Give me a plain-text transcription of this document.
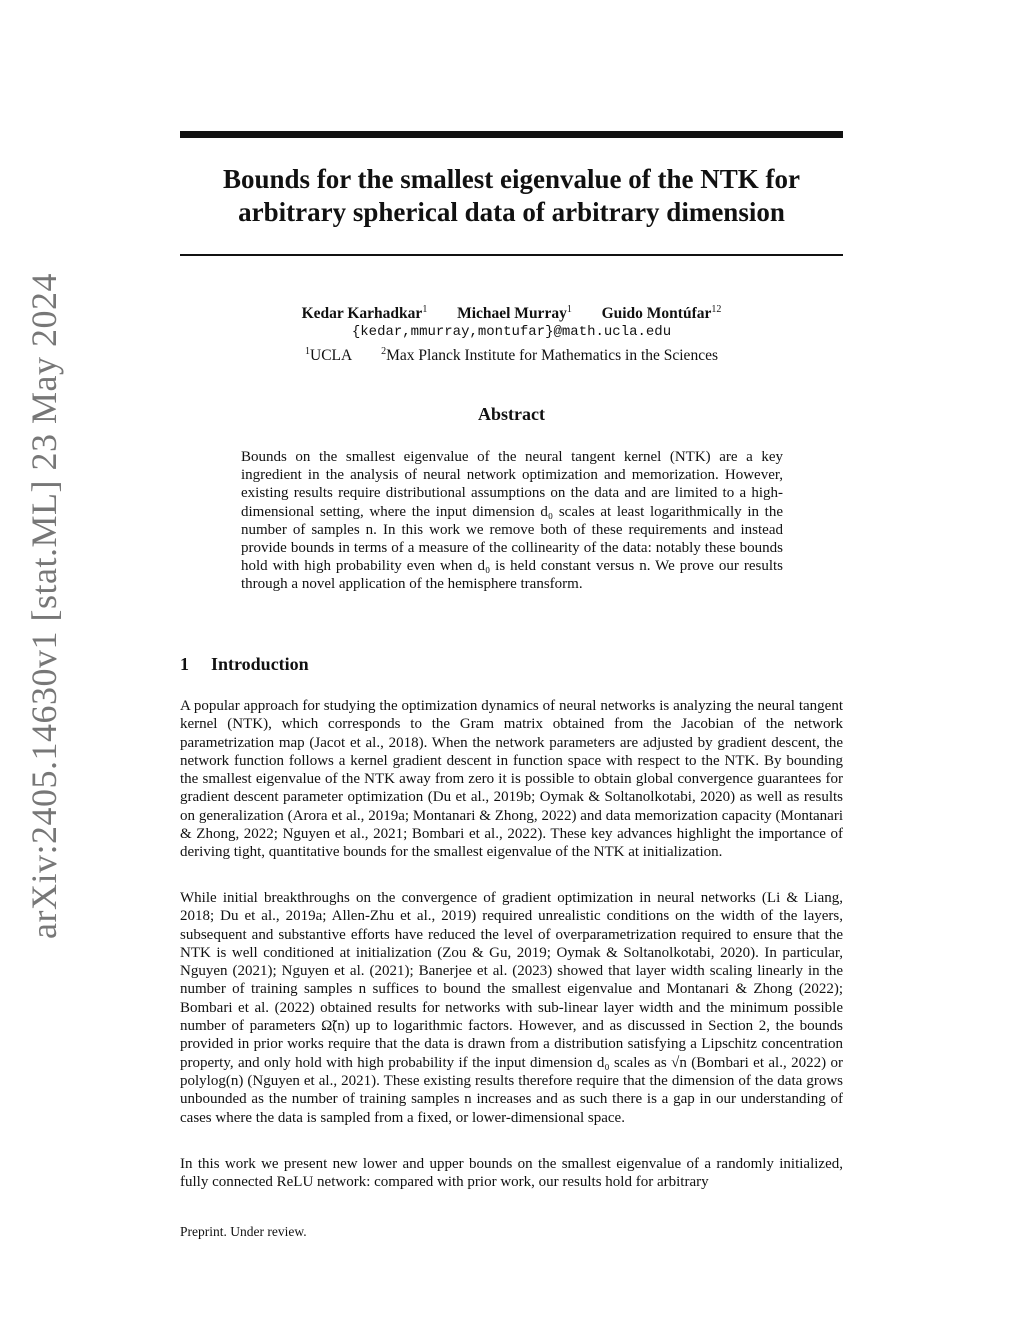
arXiv:2405.14630v1 [stat.ML] 23 May 2024
Bounds for the smallest eigenvalue of the NTK for
arbitrary spherical data of arbitrary dimension
Kedar Karhadkar$^1$ Michael Murray$^1$ Guido Montúfar$^{12}$
{kedar,mmurray,montufar}@math.ucla.edu
$^1$UCLA	$^2$Max Planck Institute for Mathematics in the Sciences
Abstract
Bounds on the smallest eigenvalue of the neural tangent kernel (NTK) are a key ingredient in the analysis of neural network optimization and memorization. However, existing results require distributional assumptions on the data and are limited to a high-dimensional setting, where the input dimension d₀ scales at least logarithmically in the number of samples n. In this work we remove both of these requirements and instead provide bounds in terms of a measure of the collinearity of the data: notably these bounds hold with high probability even when d₀ is held constant versus n. We prove our results through a novel application of the hemisphere transform.
1 Introduction
A popular approach for studying the optimization dynamics of neural networks is analyzing the neural tangent kernel (NTK), which corresponds to the Gram matrix obtained from the Jacobian of the network parametrization map (Jacot et al., 2018). When the network parameters are adjusted by gradient descent, the network function follows a kernel gradient descent in function space with respect to the NTK. By bounding the smallest eigenvalue of the NTK away from zero it is possible to obtain global convergence guarantees for gradient descent parameter optimization (Du et al., 2019b; Oymak & Soltanolkotabi, 2020) as well as results on generalization (Arora et al., 2019a; Montanari & Zhong, 2022) and data memorization capacity (Montanari & Zhong, 2022; Nguyen et al., 2021; Bombari et al., 2022). These key advances highlight the importance of deriving tight, quantitative bounds for the smallest eigenvalue of the NTK at initialization.
While initial breakthroughs on the convergence of gradient optimization in neural networks (Li & Liang, 2018; Du et al., 2019a; Allen-Zhu et al., 2019) required unrealistic conditions on the width of the layers, subsequent and substantive efforts have reduced the level of overparametrization required to ensure that the NTK is well conditioned at initialization (Zou & Gu, 2019; Oymak & Soltanolkotabi, 2020). In particular, Nguyen (2021); Nguyen et al. (2021); Banerjee et al. (2023) showed that layer width scaling linearly in the number of training samples n suffices to bound the smallest eigenvalue and Montanari & Zhong (2022); Bombari et al. (2022) obtained results for networks with sub-linear layer width and the minimum possible number of parameters Ω̃(n) up to logarithmic factors. However, and as discussed in Section 2, the bounds provided in prior works require that the data is drawn from a distribution satisfying a Lipschitz concentration property, and only hold with high probability if the input dimension d₀ scales as √n (Bombari et al., 2022) or polylog(n) (Nguyen et al., 2021). These existing results therefore require that the dimension of the data grows unbounded as the number of training samples n increases and as such there is a gap in our understanding of cases where the data is sampled from a fixed, or lower-dimensional space.
In this work we present new lower and upper bounds on the smallest eigenvalue of a randomly initialized, fully connected ReLU network: compared with prior work, our results hold for arbitrary
Preprint. Under review.
